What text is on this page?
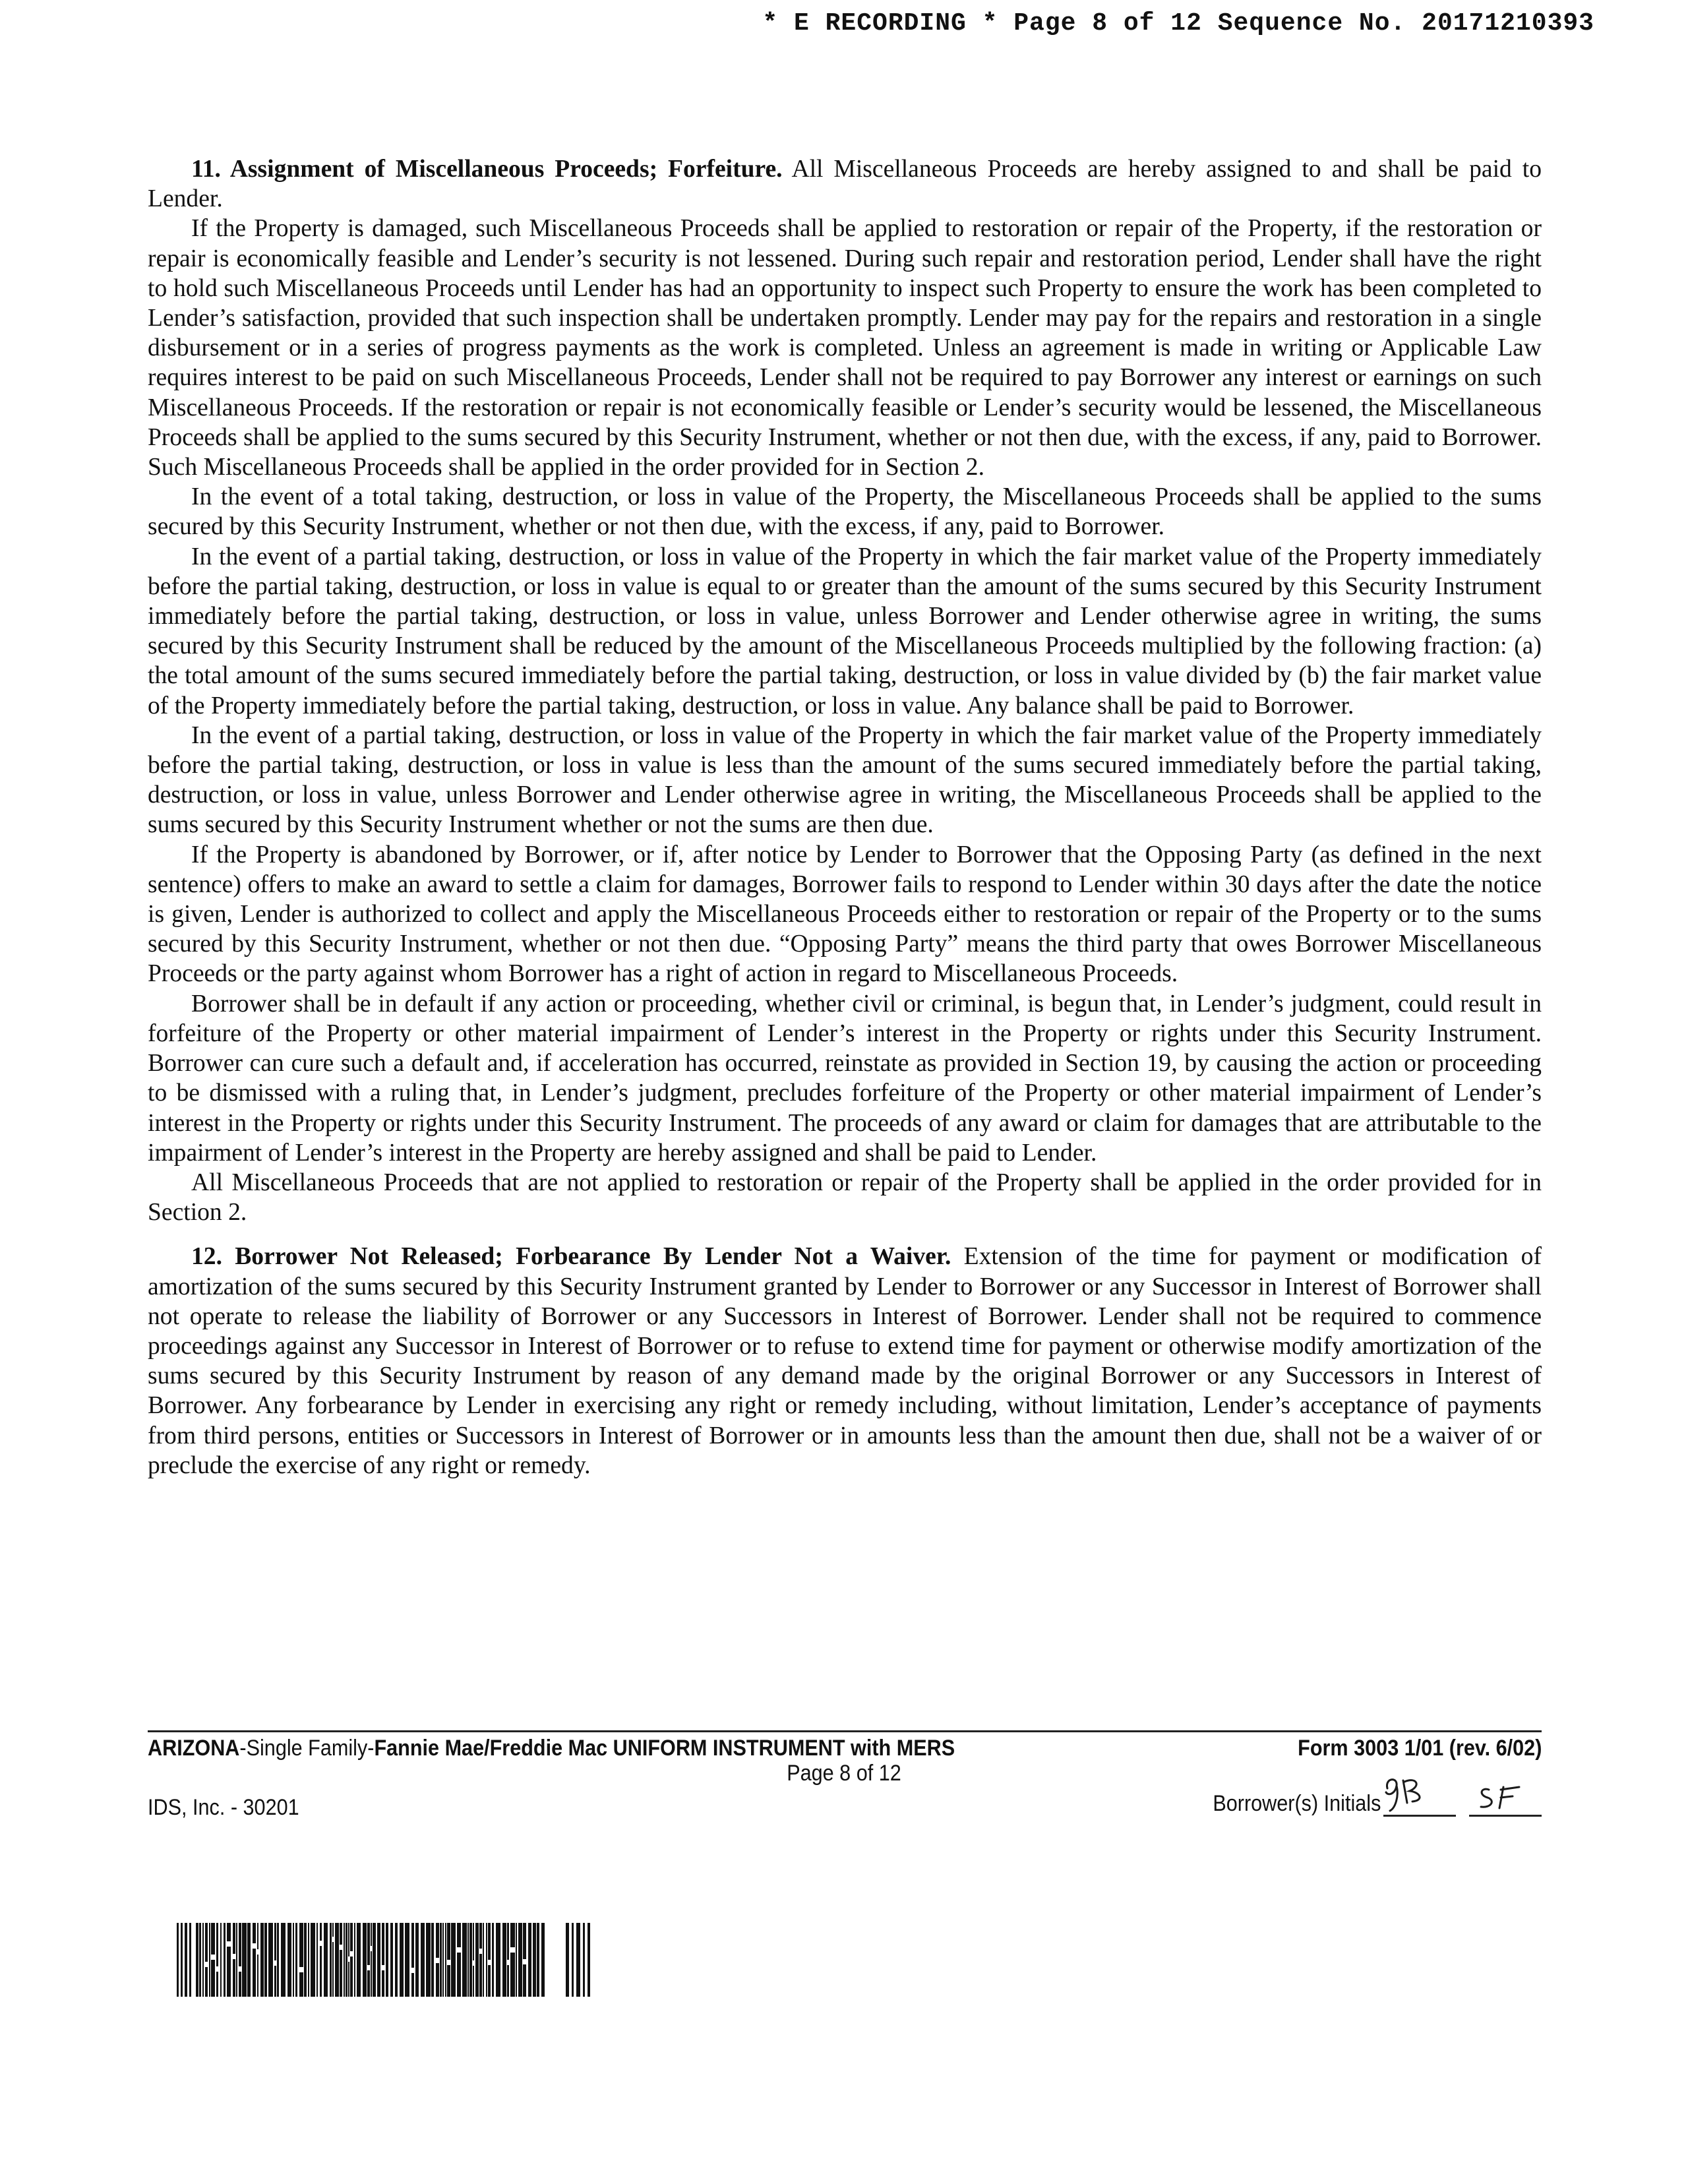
* E RECORDING * Page 8 of 12 Sequence No. 20171210393

11. Assignment of Miscellaneous Proceeds; Forfeiture. All Miscellaneous Proceeds are hereby assigned to and shall be paid to Lender.

If the Property is damaged, such Miscellaneous Proceeds shall be applied to restoration or repair of the Property, if the restoration or repair is economically feasible and Lender’s security is not lessened. During such repair and restoration period, Lender shall have the right to hold such Miscellaneous Proceeds until Lender has had an opportunity to inspect such Property to ensure the work has been completed to Lender’s satisfaction, provided that such inspection shall be undertaken promptly. Lender may pay for the repairs and restoration in a single disbursement or in a series of progress payments as the work is completed. Unless an agreement is made in writing or Applicable Law requires interest to be paid on such Miscellaneous Proceeds, Lender shall not be required to pay Borrower any interest or earnings on such Miscellaneous Proceeds. If the restoration or repair is not economically feasible or Lender’s security would be lessened, the Miscellaneous Proceeds shall be applied to the sums secured by this Security Instrument, whether or not then due, with the excess, if any, paid to Borrower. Such Miscellaneous Proceeds shall be applied in the order provided for in Section 2.

In the event of a total taking, destruction, or loss in value of the Property, the Miscellaneous Proceeds shall be applied to the sums secured by this Security Instrument, whether or not then due, with the excess, if any, paid to Borrower.

In the event of a partial taking, destruction, or loss in value of the Property in which the fair market value of the Property immediately before the partial taking, destruction, or loss in value is equal to or greater than the amount of the sums secured by this Security Instrument immediately before the partial taking, destruction, or loss in value, unless Borrower and Lender otherwise agree in writing, the sums secured by this Security Instrument shall be reduced by the amount of the Miscellaneous Proceeds multiplied by the following fraction: (a) the total amount of the sums secured immediately before the partial taking, destruction, or loss in value divided by (b) the fair market value of the Property immediately before the partial taking, destruction, or loss in value. Any balance shall be paid to Borrower.

In the event of a partial taking, destruction, or loss in value of the Property in which the fair market value of the Property immediately before the partial taking, destruction, or loss in value is less than the amount of the sums secured immediately before the partial taking, destruction, or loss in value, unless Borrower and Lender otherwise agree in writing, the Miscellaneous Proceeds shall be applied to the sums secured by this Security Instrument whether or not the sums are then due.

If the Property is abandoned by Borrower, or if, after notice by Lender to Borrower that the Opposing Party (as defined in the next sentence) offers to make an award to settle a claim for damages, Borrower fails to respond to Lender within 30 days after the date the notice is given, Lender is authorized to collect and apply the Miscellaneous Proceeds either to restoration or repair of the Property or to the sums secured by this Security Instrument, whether or not then due. “Opposing Party” means the third party that owes Borrower Miscellaneous Proceeds or the party against whom Borrower has a right of action in regard to Miscellaneous Proceeds.

Borrower shall be in default if any action or proceeding, whether civil or criminal, is begun that, in Lender’s judgment, could result in forfeiture of the Property or other material impairment of Lender’s interest in the Property or rights under this Security Instrument. Borrower can cure such a default and, if acceleration has occurred, reinstate as provided in Section 19, by causing the action or proceeding to be dismissed with a ruling that, in Lender’s judgment, precludes forfeiture of the Property or other material impairment of Lender’s interest in the Property or rights under this Security Instrument. The proceeds of any award or claim for damages that are attributable to the impairment of Lender’s interest in the Property are hereby assigned and shall be paid to Lender.

All Miscellaneous Proceeds that are not applied to restoration or repair of the Property shall be applied in the order provided for in Section 2.

12. Borrower Not Released; Forbearance By Lender Not a Waiver. Extension of the time for payment or modification of amortization of the sums secured by this Security Instrument granted by Lender to Borrower or any Successor in Interest of Borrower shall not operate to release the liability of Borrower or any Successors in Interest of Borrower. Lender shall not be required to commence proceedings against any Successor in Interest of Borrower or to refuse to extend time for payment or otherwise modify amortization of the sums secured by this Security Instrument by reason of any demand made by the original Borrower or any Successors in Interest of Borrower. Any forbearance by Lender in exercising any right or remedy including, without limitation, Lender’s acceptance of payments from third persons, entities or Successors in Interest of Borrower or in amounts less than the amount then due, shall not be a waiver of or preclude the exercise of any right or remedy.

ARIZONA-Single Family-Fannie Mae/Freddie Mac UNIFORM INSTRUMENT with MERS	Form 3003 1/01 (rev. 6/02)
Page 8 of 12
IDS, Inc. - 30201	Borrower(s) Initials
